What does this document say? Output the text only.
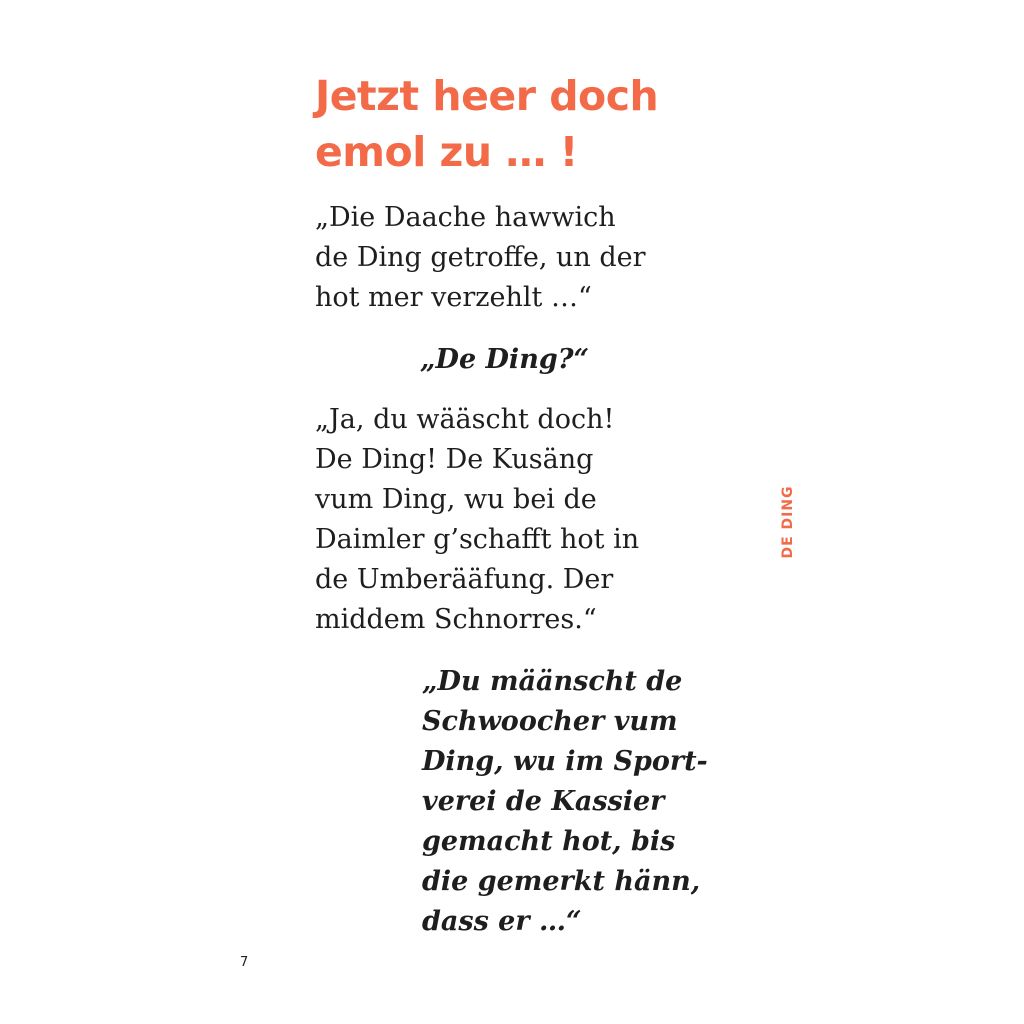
Jetzt heer doch
emol zu … !

„Die Daache hawwich
de Ding getroffe, un der
hot mer verzehlt …“

„De Ding?“

„Ja, du wääscht doch!
De Ding! De Kusäng
vum Ding, wu bei de
Daimler g’schafft hot in
de Umberääfung. Der
middem Schnorres.“

„Du määnscht de
Schwoocher vum
Ding, wu im Sport-
verei de Kassier
gemacht hot, bis
die gemerkt hänn,
dass er …“

DE DING
7
